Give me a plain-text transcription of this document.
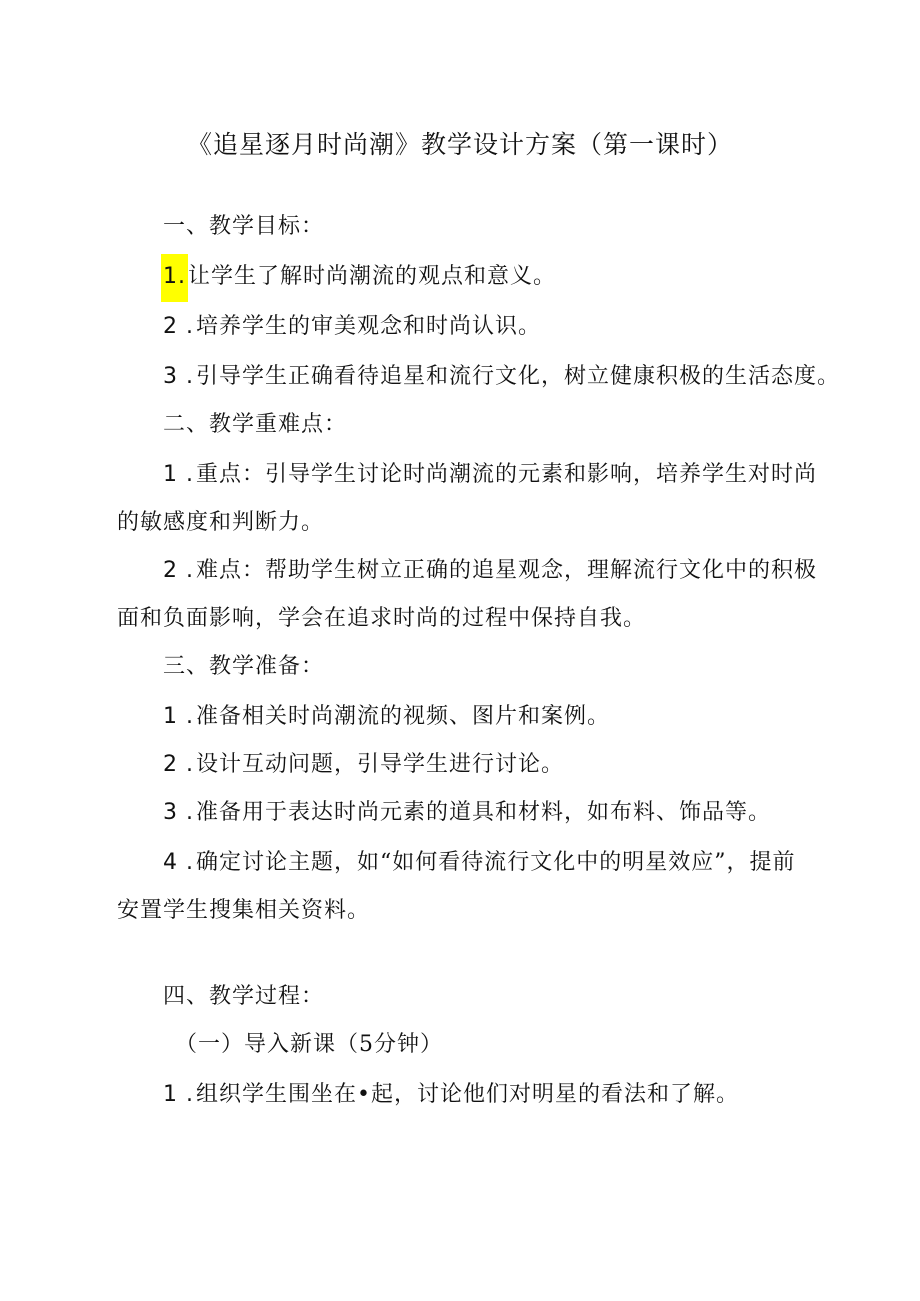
《追星逐月时尚潮》教学设计方案（第一课时）
一、教学目标：
1.让学生了解时尚潮流的观点和意义。
2 .培养学生的审美观念和时尚认识。
3 .引导学生正确看待追星和流行文化，树立健康积极的生活态度。
二、教学重难点：
1 .重点：引导学生讨论时尚潮流的元素和影响，培养学生对时尚
的敏感度和判断力。
2 .难点：帮助学生树立正确的追星观念，理解流行文化中的积极
面和负面影响，学会在追求时尚的过程中保持自我。
三、教学准备：
1 .准备相关时尚潮流的视频、图片和案例。
2 .设计互动问题，引导学生进行讨论。
3 .准备用于表达时尚元素的道具和材料，如布料、饰品等。
4 .确定讨论主题，如“如何看待流行文化中的明星效应”，提前
安置学生搜集相关资料。
四、教学过程：
（一）导入新课（5分钟）
1 .组织学生围坐在•起，讨论他们对明星的看法和了解。
